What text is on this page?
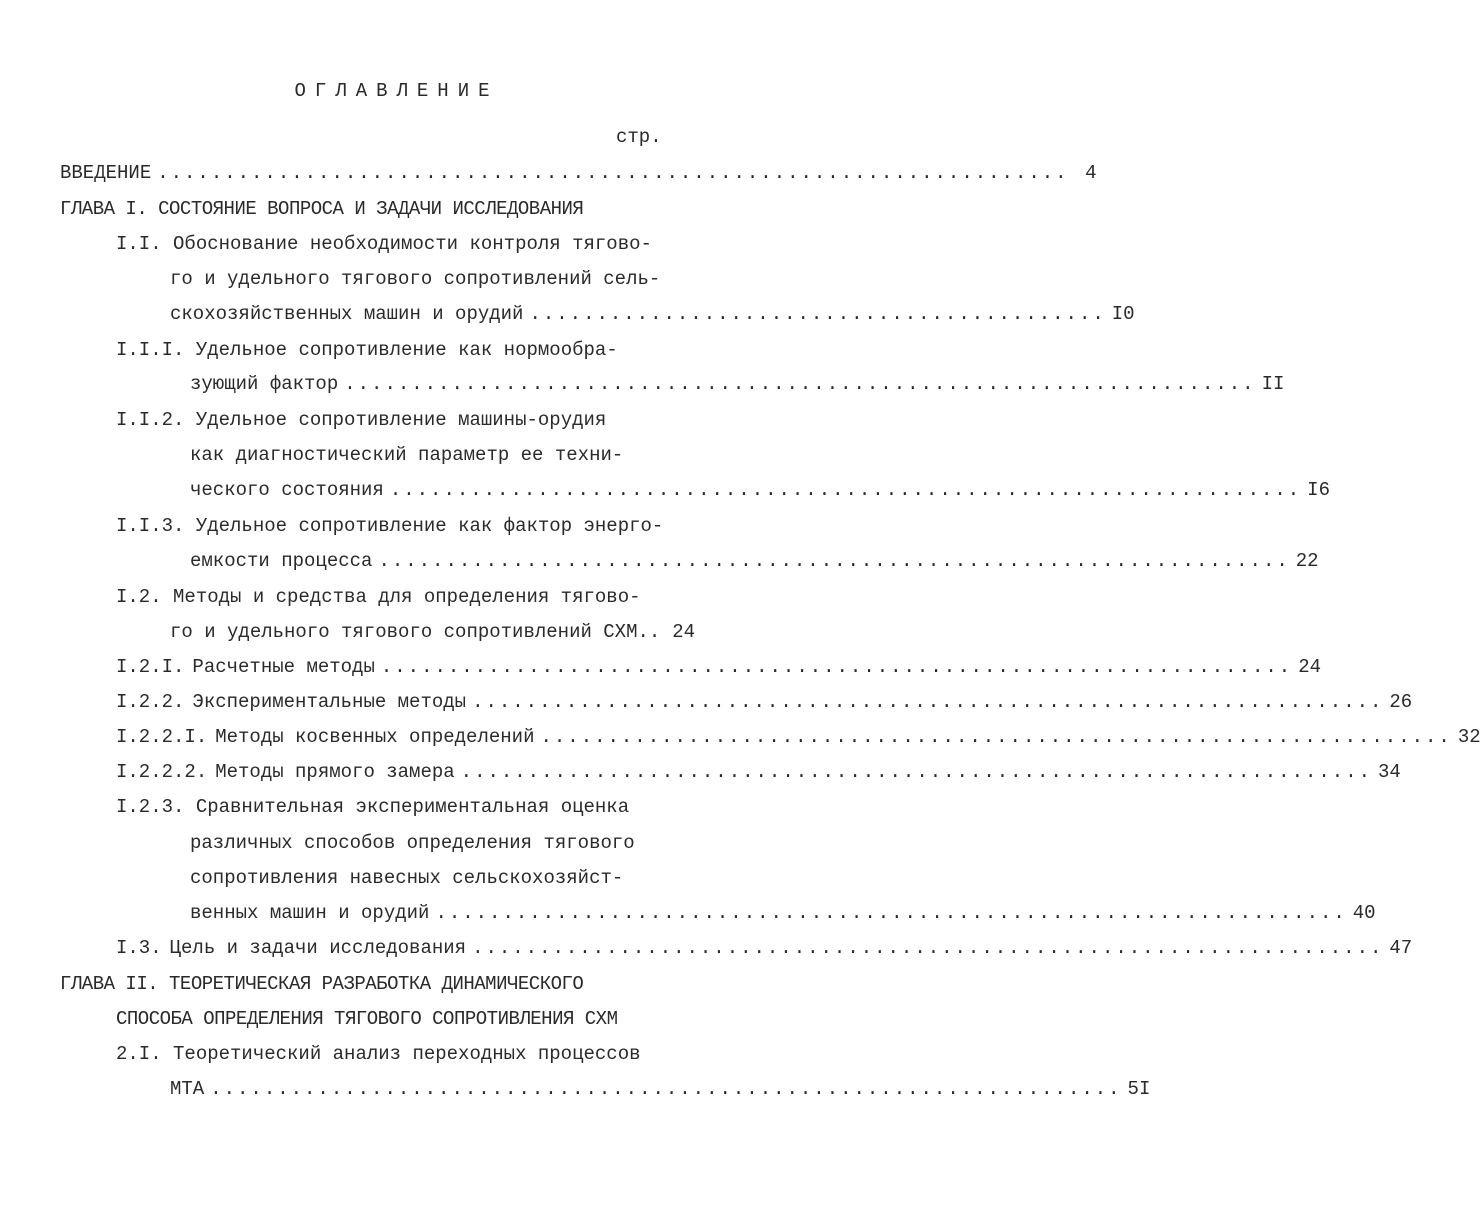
ОГЛАВЛЕНИЕ
стр.
ВВЕДЕНИЕ .................................................................... 4
ГЛАВА I. СОСТОЯНИЕ ВОПРОСА И ЗАДАЧИ ИССЛЕДОВАНИЯ
I.I. Обоснование необходимости контроля тягово-
го и удельного тягового сопротивлений сель-
скохозяйственных машин и орудий ........................................... I0
I.I.I. Удельное сопротивление как нормообра-
зующий фактор .................................................................... II
I.I.2. Удельное сопротивление машины-орудия
как диагностический параметр ее техни-
ческого состояния .................................................................... I6
I.I.3. Удельное сопротивление как фактор энерго-
емкости процесса .................................................................... 22
I.2. Методы и средства для определения тягово-
го и удельного тягового сопротивлений СХМ.. 24
I.2.I. Расчетные методы .................................................................... 24
I.2.2. Экспериментальные методы .................................................................... 26
I.2.2.I. Методы косвенных определений .................................................................... 32
I.2.2.2. Методы прямого замера .................................................................... 34
I.2.3. Сравнительная экспериментальная оценка
различных способов определения тягового
сопротивления навесных сельскохозяйст-
венных машин и орудий .................................................................... 40
I.3. Цель и задачи исследования .................................................................... 47
ГЛАВА II. ТЕОРЕТИЧЕСКАЯ РАЗРАБОТКА ДИНАМИЧЕСКОГО
СПОСОБА ОПРЕДЕЛЕНИЯ ТЯГОВОГО СОПРОТИВЛЕНИЯ СХМ
2.I. Теоретический анализ переходных процессов
МТА .................................................................... 5I
